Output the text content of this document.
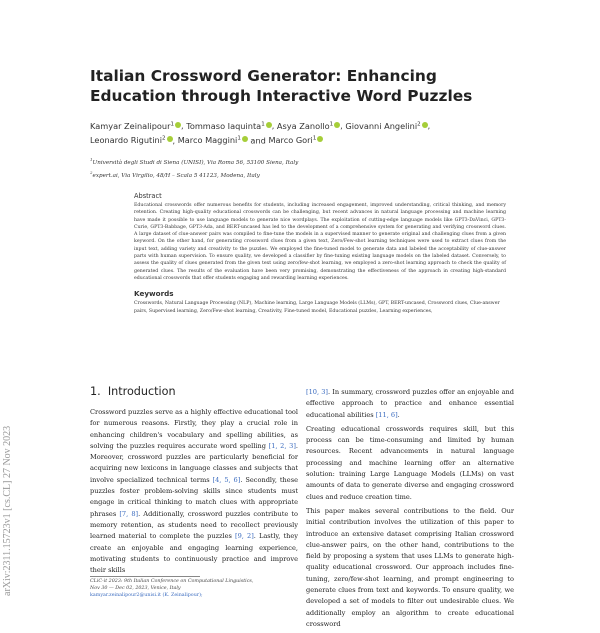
arXiv:2311.15723v1 [cs.CL] 27 Nov 2023
Italian Crossword Generator: Enhancing Education through Interactive Word Puzzles
Kamyar Zeinalipour$^1$ , Tommaso Iaquinta$^1$ , Asya Zanollo$^1$ , Giovanni Angelini$^2$ , Leonardo Rigutini$^2$ , Marco Maggini$^1$ and Marco Gori$^1$
$^1$Università degli Studi di Siena (UNISI), Via Roma 56, 53100 Siena, Italy
$^2$expert.ai, Via Virgilio, 48/H – Scala 5 41123, Modena, Italy
Abstract
Educational crosswords offer numerous benefits for students, including increased engagement, improved understanding, critical thinking, and memory retention. Creating high-quality educational crosswords can be challenging, but recent advances in natural language processing and machine learning have made it possible to use language models to generate nice wordplays. The exploitation of cutting-edge language models like GPT3-DaVinci, GPT3-Curie, GPT3-Babbage, GPT3-Ada, and BERT-uncased has led to the development of a comprehensive system for generating and verifying crossword clues. A large dataset of clue-answer pairs was compiled to fine-tune the models in a supervised manner to generate original and challenging clues from a given keyword. On the other hand, for generating crossword clues from a given text, Zero/Few-shot learning techniques were used to extract clues from the input text, adding variety and creativity to the puzzles. We employed the fine-tuned model to generate data and labeled the acceptability of clue-answer parts with human supervision. To ensure quality, we developed a classifier by fine-tuning existing language models on the labeled dataset. Conversely, to assess the quality of clues generated from the given text using zero/few-shot learning, we employed a zero-shot learning approach to check the quality of generated clues. The results of the evaluation have been very promising, demonstrating the effectiveness of the approach in creating high-standard educational crosswords that offer students engaging and rewarding learning experiences.
Keywords
Crosswords, Natural Language Processing (NLP), Machine learning, Large Language Models (LLMs), GPT, BERT-uncased, Crossword clues, Clue-answer pairs, Supervised learning, Zero/Few-shot learning, Creativity, Fine-tuned model, Educational puzzles, Learning experiences,
1. Introduction

Crossword puzzles serve as a highly effective educational tool for numerous reasons. Firstly, they play a crucial role in enhancing children's vocabulary and spelling abilities, as solving the puzzles requires accurate word spelling [1, 2, 3]. Moreover, crossword puzzles are particularly beneficial for acquiring new lexicons in language classes and subjects that involve specialized technical terms [4, 5, 6]. Secondly, these puzzles foster problem-solving skills since students must engage in critical thinking to match clues with appropriate phrases [7, 8]. Additionally, crossword puzzles contribute to memory retention, as students need to recollect previously learned material to complete the puzzles [9, 2]. Lastly, they create an enjoyable and engaging learning experience, motivating students to continuously practice and improve their skills

[10, 3]. In summary, crossword puzzles offer an enjoyable and effective approach to practice and enhance essential educational abilities [11, 6].

Creating educational crosswords requires skill, but this process can be time-consuming and limited by human resources. Recent advancements in natural language processing and machine learning offer an alternative solution: training Large Language Models (LLMs) on vast amounts of data to generate diverse and engaging crossword clues and reduce creation time.

This paper makes several contributions to the field. Our initial contribution involves the utilization of this paper to introduce an extensive dataset comprising Italian crossword clue-answer pairs, on the other hand, contributions to the field by proposing a system that uses LLMs to generate high-quality educational crossword. Our approach includes fine-tuning, zero/few-shot learning, and prompt engineering to generate clues from text and keywords. To ensure quality, we developed a set of models to filter out undesirable clues. We additionally employ an algorithm to create educational crossword

CLiC-it 2023: 9th Italian Conference on Computational Linguistics,
Nov 30 — Dec 02, 2023, Venice, Italy
kamyar.zeinalipour2@unisi.it (K. Zeinalipour);
